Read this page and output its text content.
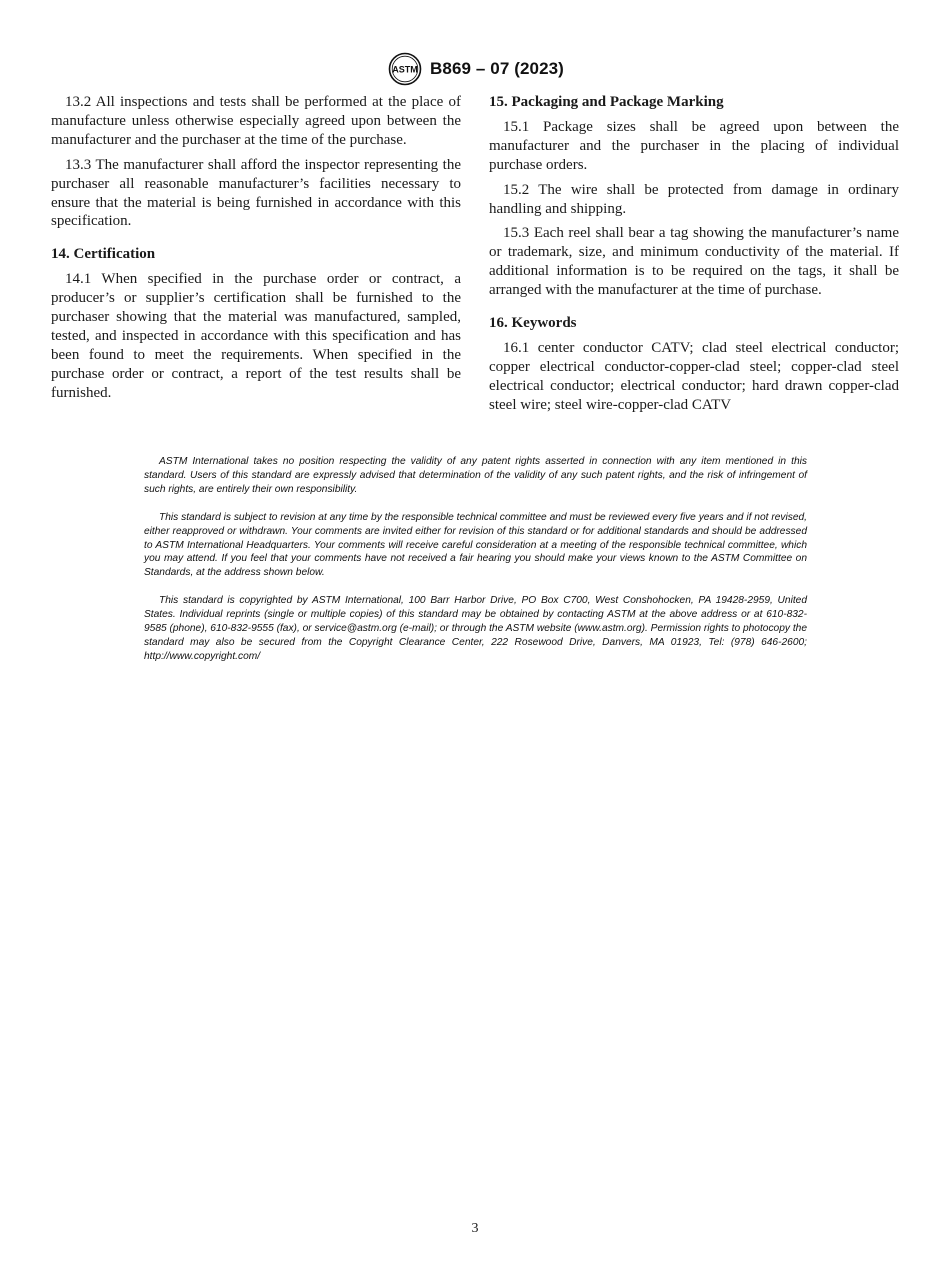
ASTM B869 – 07 (2023)

13.2 All inspections and tests shall be performed at the place of manufacture unless otherwise especially agreed upon between the manufacturer and the purchaser at the time of the purchase.

13.3 The manufacturer shall afford the inspector representing the purchaser all reasonable manufacturer’s facilities necessary to ensure that the material is being furnished in accordance with this specification.

14. Certification

14.1 When specified in the purchase order or contract, a producer’s or supplier’s certification shall be furnished to the purchaser showing that the material was manufactured, sampled, tested, and inspected in accordance with this specification and has been found to meet the requirements. When specified in the purchase order or contract, a report of the test results shall be furnished.

15. Packaging and Package Marking

15.1 Package sizes shall be agreed upon between the manufacturer and the purchaser in the placing of individual purchase orders.

15.2 The wire shall be protected from damage in ordinary handling and shipping.

15.3 Each reel shall bear a tag showing the manufacturer’s name or trademark, size, and minimum conductivity of the material. If additional information is to be required on the tags, it shall be arranged with the manufacturer at the time of purchase.

16. Keywords

16.1 center conductor CATV; clad steel electrical conductor; copper electrical conductor-copper-clad steel; copper-clad steel electrical conductor; electrical conductor; hard drawn copper-clad steel wire; steel wire-copper-clad CATV

ASTM International takes no position respecting the validity of any patent rights asserted in connection with any item mentioned in this standard. Users of this standard are expressly advised that determination of the validity of any such patent rights, and the risk of infringement of such rights, are entirely their own responsibility.

This standard is subject to revision at any time by the responsible technical committee and must be reviewed every five years and if not revised, either reapproved or withdrawn. Your comments are invited either for revision of this standard or for additional standards and should be addressed to ASTM International Headquarters. Your comments will receive careful consideration at a meeting of the responsible technical committee, which you may attend. If you feel that your comments have not received a fair hearing you should make your views known to the ASTM Committee on Standards, at the address shown below.

This standard is copyrighted by ASTM International, 100 Barr Harbor Drive, PO Box C700, West Conshohocken, PA 19428-2959, United States. Individual reprints (single or multiple copies) of this standard may be obtained by contacting ASTM at the above address or at 610-832-9585 (phone), 610-832-9555 (fax), or service@astm.org (e-mail); or through the ASTM website (www.astm.org). Permission rights to photocopy the standard may also be secured from the Copyright Clearance Center, 222 Rosewood Drive, Danvers, MA 01923, Tel: (978) 646-2600; http://www.copyright.com/

3
